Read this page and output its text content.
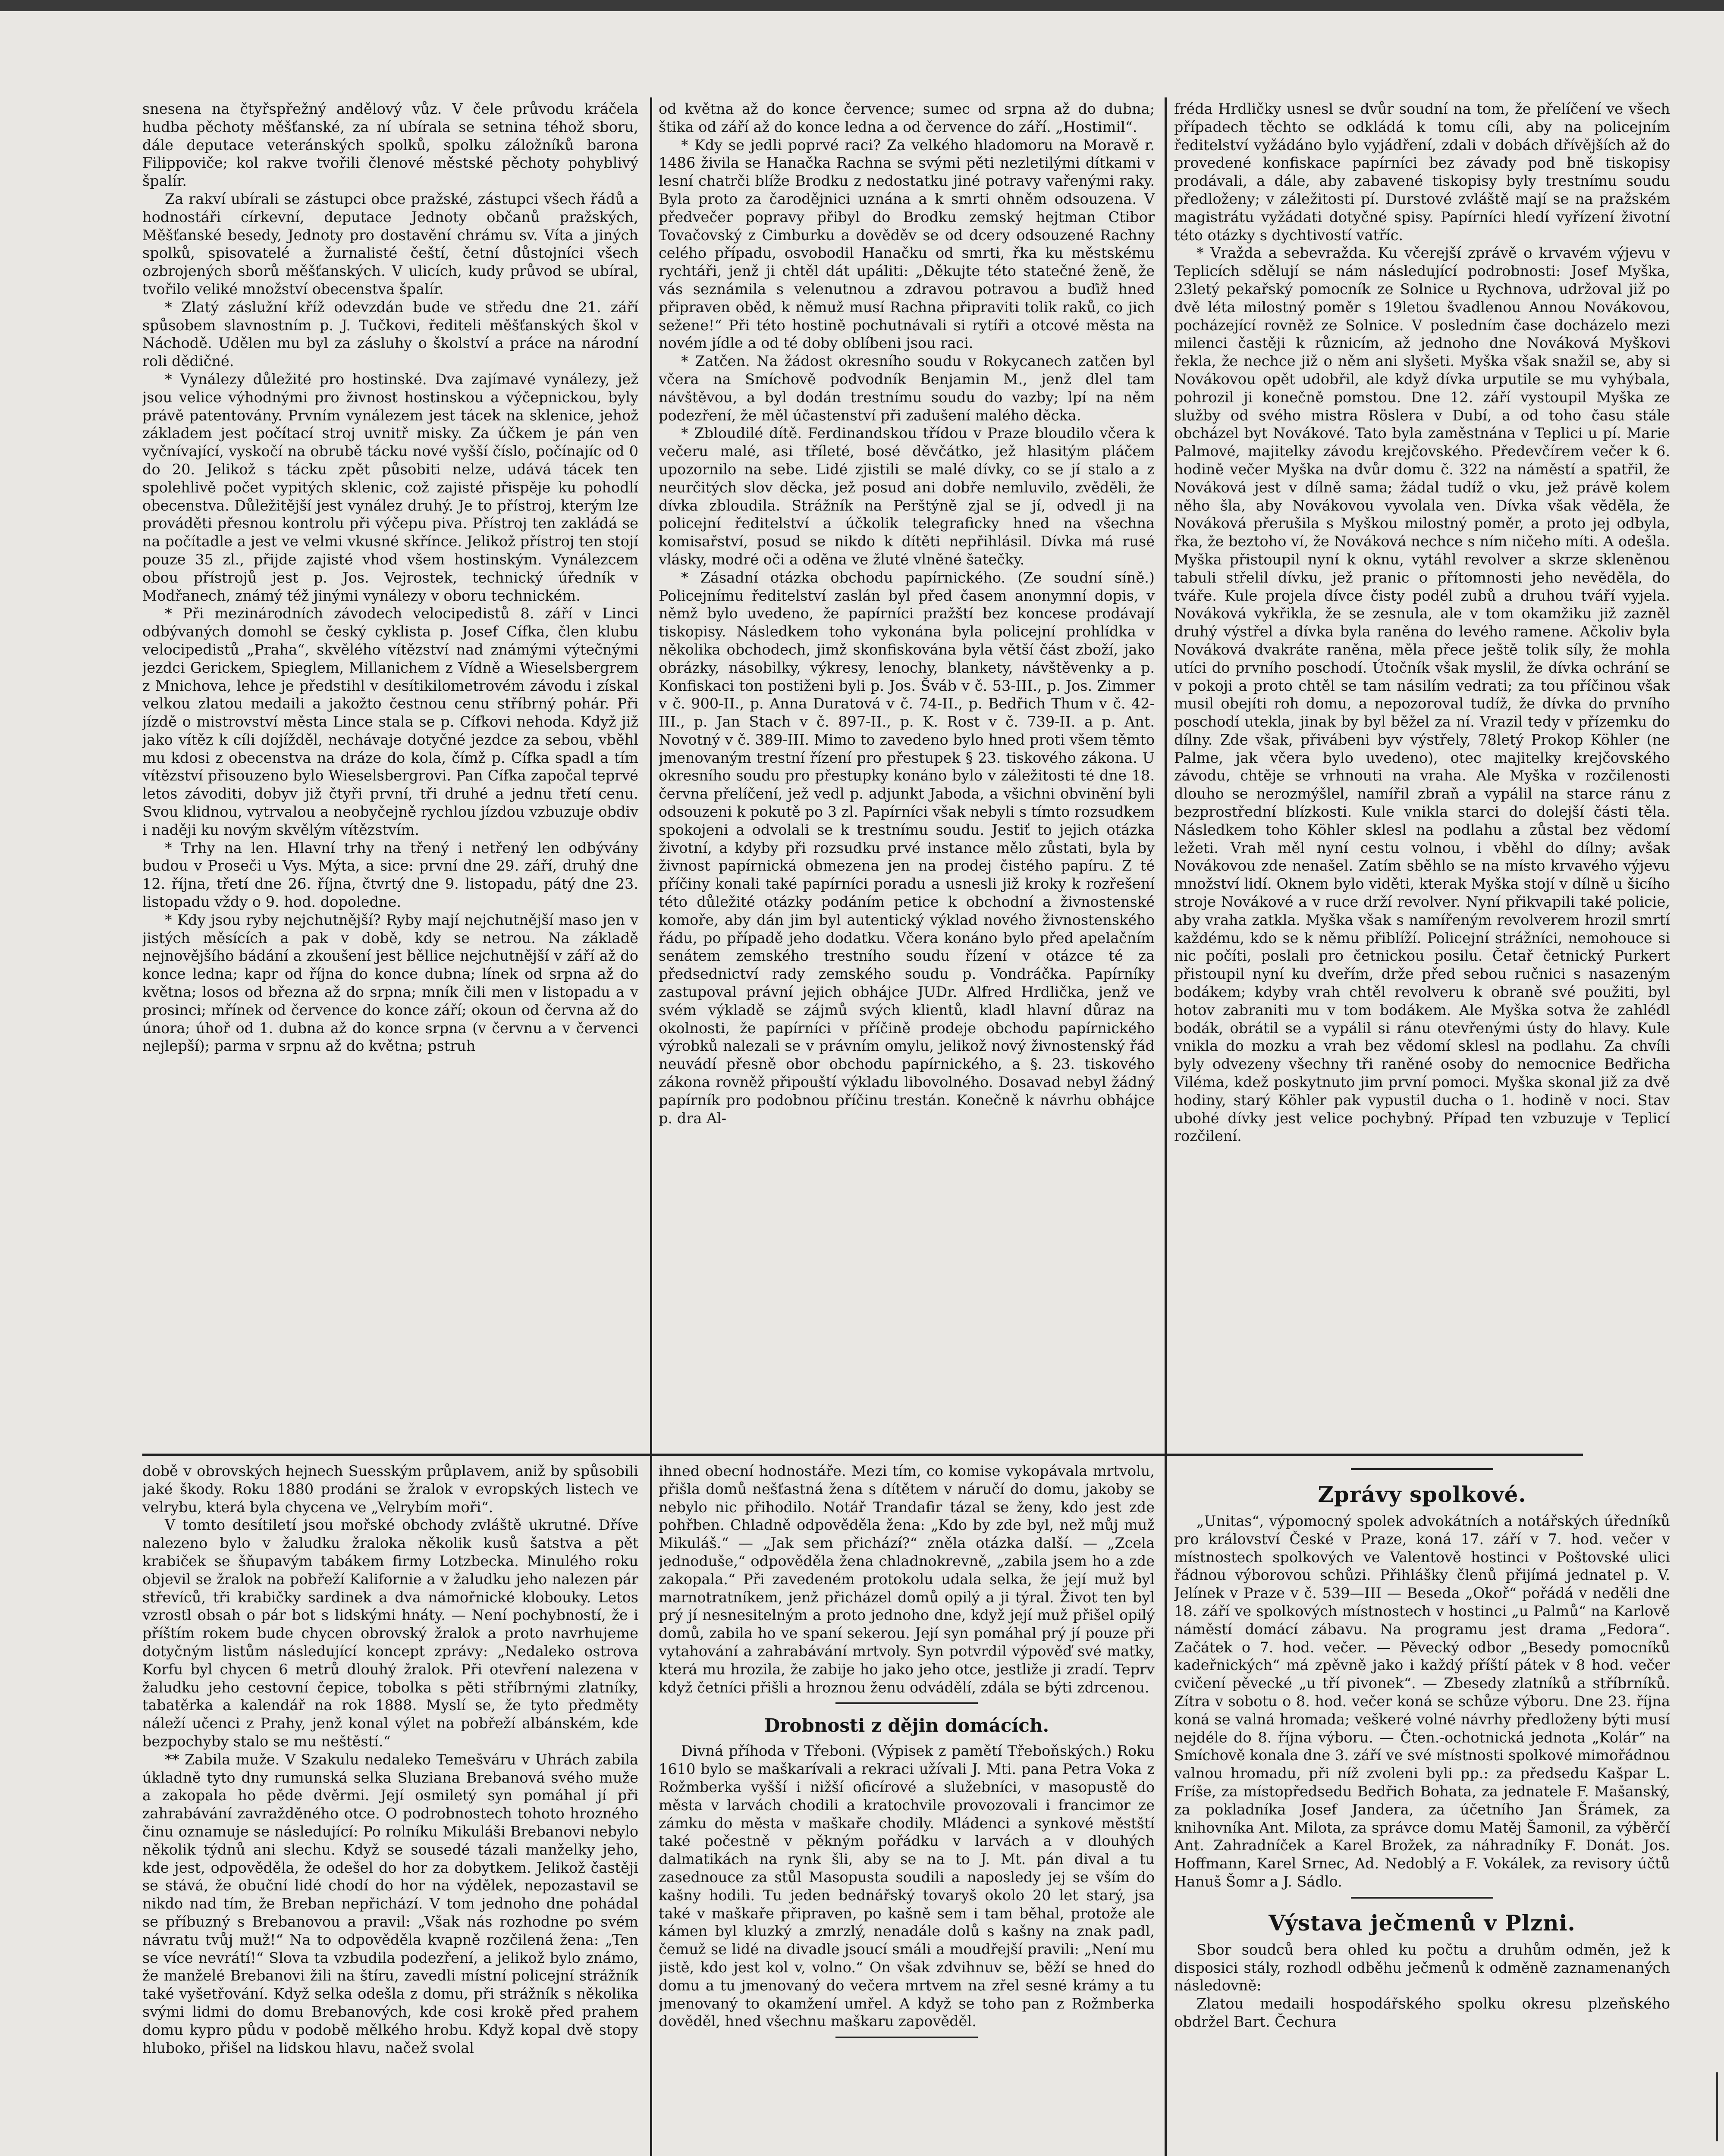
snesena na čtyřspřežný andělový vůz. V čele průvodu kráčela hudba pěchoty měšťanské, za ní ubírala se setnina téhož sboru, dále deputace veteránských spolků, spolku záložníků barona Filippoviče; kol rakve tvořili členové městské pěchoty pohyblivý špalír.

Za rakví ubírali se zástupci obce pražské, zástupci všech řádů a hodnostáři církevní, deputace Jednoty občanů pražských, Měšťanské besedy, Jednoty pro dostavění chrámu sv. Víta a jiných spolků, spisovatelé a žurnalisté čeští, četní důstojníci všech ozbrojených sborů měšťanských. V ulicích, kudy průvod se ubíral, tvořilo veliké množství obecenstva špalír.

* Zlatý záslužní kříž odevzdán bude ve středu dne 21. září spůsobem slavnostním p. J. Tučkovi, řediteli měšťanských škol v Náchodě. Udělen mu byl za zásluhy o školství a práce na národní roli dědičné.

* Vynálezy důležité pro hostinské. Dva zajímavé vynálezy, jež jsou velice výhodnými pro živnost hostinskou a výčepnickou, byly právě patentovány. Prvním vynálezem jest tácek na sklenice, jehož základem jest počítací stroj uvnitř misky. Za účkem je pán ven vyčnívající, vyskočí na obrubě tácku nové vyšší číslo, počínajíc od 0 do 20. Jelikož s tácku zpět působiti nelze, udává tácek ten spolehlivě počet vypitých sklenic, což zajisté přispěje ku pohodlí obecenstva. Důležitější jest vynález druhý. Je to přístroj, kterým lze prováděti přesnou kontrolu při výčepu piva. Přístroj ten zakládá se na počítadle a jest ve velmi vkusné skřínce. Jelikož přístroj ten stojí pouze 35 zl., přijde zajisté vhod všem hostinským. Vynálezcem obou přístrojů jest p. Jos. Vejrostek, technický úředník v Modřanech, známý též jinými vynálezy v oboru technickém.

* Při mezinárodních závodech velocipedistů 8. září v Linci odbývaných domohl se český cyklista p. Josef Cífka, člen klubu velocipedistů „Praha“, skvělého vítězství nad známými výtečnými jezdci Gerickem, Spieglem, Millanichem z Vídně a Wieselsbergrem z Mnichova, lehce je předstihl v desítikilometrovém závodu i získal velkou zlatou medaili a jakožto čestnou cenu stříbrný pohár. Při jízdě o mistrovství města Lince stala se p. Cífkovi nehoda. Když již jako vítěz k cíli dojížděl, nechávaje dotyčné jezdce za sebou, vběhl mu kdosi z obecenstva na dráze do kola, čímž p. Cífka spadl a tím vítězství přisouzeno bylo Wieselsbergrovi. Pan Cífka započal teprvé letos závoditi, dobyv již čtyři první, tři druhé a jednu třetí cenu. Svou klidnou, vytrvalou a neobyčejně rychlou jízdou vzbuzuje obdiv i naději ku novým skvělým vítězstvím.

* Trhy na len. Hlavní trhy na třený i netřený len odbývány budou v Proseči u Vys. Mýta, a sice: první dne 29. září, druhý dne 12. října, třetí dne 26. října, čtvrtý dne 9. listopadu, pátý dne 23. listopadu vždy o 9. hod. dopoledne.

* Kdy jsou ryby nejchutnější? Ryby mají nejchutnější maso jen v jistých měsících a pak v době, kdy se netrou. Na základě nejnovějšího bádání a zkoušení jest běllice nejchutnější v září až do konce ledna; kapr od října do konce dubna; línek od srpna až do května; losos od března až do srpna; mník čili men v listopadu a v prosinci; mřínek od července do konce září; okoun od června až do února; úhoř od 1. dubna až do konce srpna (v červnu a v červenci nejlepší); parma v srpnu až do května; pstruh

od května až do konce července; sumec od srpna až do dubna; štika od září až do konce ledna a od července do září. „Hostimil“.

* Kdy se jedli poprvé raci? Za velkého hladomoru na Moravě r. 1486 živila se Hanačka Rachna se svými pěti nezletilými dítkami v lesní chatrči blíže Brodku z nedostatku jiné potravy vařenými raky. Byla proto za čarodějnici uznána a k smrti ohněm odsouzena. V předvečer popravy přibyl do Brodku zemský hejtman Ctibor Tovačovský z Cimburku a dověděv se od dcery odsouzené Rachny celého případu, osvobodil Hanačku od smrti, řka ku městskému rychtáři, jenž ji chtěl dát upáliti: „Děkujte této statečné ženě, že vás seznámila s velenutnou a zdravou potravou a buďiž hned připraven oběd, k němuž musí Rachna připraviti tolik raků, co jich sežene!“ Při této hostině pochutnávali si rytíři a otcové města na novém jídle a od té doby oblíbeni jsou raci.

* Zatčen. Na žádost okresního soudu v Rokycanech zatčen byl včera na Smíchově podvodník Benjamin M., jenž dlel tam návštěvou, a byl dodán trestnímu soudu do vazby; lpí na něm podezření, že měl účastenství při zadušení malého děcka.

* Zbloudilé dítě. Ferdinandskou třídou v Praze bloudilo včera k večeru malé, asi tříleté, bosé děvčátko, jež hlasitým pláčem upozornilo na sebe. Lidé zjistili se malé dívky, co se jí stalo a z neurčitých slov děcka, jež posud ani dobře nemluvilo, zvěděli, že dívka zbloudila. Strážník na Perštýně zjal se jí, odvedl ji na policejní ředitelství a účkolik telegraficky hned na všechna komisařství, posud se nikdo k dítěti nepřihlásil. Dívka má rusé vlásky, modré oči a oděna ve žluté vlněné šatečky.

* Zásadní otázka obchodu papírnického. (Ze soudní síně.) Policejnímu ředitelství zaslán byl před časem anonymní dopis, v němž bylo uvedeno, že papírníci pražští bez koncese prodávají tiskopisy. Následkem toho vykonána byla policejní prohlídka v několika obchodech, jimž skonfiskována byla větší část zboží, jako obrázky, násobilky, výkresy, lenochy, blankety, návštěvenky a p. Konfiskaci ton postiženi byli p. Jos. Šváb v č. 53-III., p. Jos. Zimmer v č. 900-II., p. Anna Duratová v č. 74-II., p. Bedřich Thum v č. 42-III., p. Jan Stach v č. 897-II., p. K. Rost v č. 739-II. a p. Ant. Novotný v č. 389-III. Mimo to zavedeno bylo hned proti všem těmto jmenovaným trestní řízení pro přestupek § 23. tiskového zákona. U okresního soudu pro přestupky konáno bylo v záležitosti té dne 18. června přelíčení, jež vedl p. adjunkt Jaboda, a všichni obvinění byli odsouzeni k pokutě po 3 zl. Papírníci však nebyli s tímto rozsudkem spokojeni a odvolali se k trestnímu soudu. Jestiť to jejich otázka životní, a kdyby při rozsudku prvé instance mělo zůstati, byla by živnost papírnická obmezena jen na prodej čistého papíru. Z té příčiny konali také papírníci poradu a usnesli již kroky k rozřešení této důležité otázky podáním petice k obchodní a živnostenské komoře, aby dán jim byl autentický výklad nového živnostenského řádu, po případě jeho dodatku. Včera konáno bylo před apelačním senátem zemského trestního soudu řízení v otázce té za předsednictví rady zemského soudu p. Vondráčka. Papírníky zastupoval právní jejich obhájce JUDr. Alfred Hrdlička, jenž ve svém výkladě se zájmů svých klientů, kladl hlavní důraz na okolnosti, že papírníci v příčině prodeje obchodu papírnického výrobků nalezali se v právním omylu, jelikož nový živnostenský řád neuvádí přesně obor obchodu papírnického, a §. 23. tiskového zákona rovněž připouští výkladu libovolného. Dosavad nebyl žádný papírník pro podobnou příčinu trestán. Konečně k návrhu obhájce p. dra Al-

fréda Hrdličky usnesl se dvůr soudní na tom, že přelíčení ve všech případech těchto se odkládá k tomu cíli, aby na policejním ředitelství vyžádáno bylo vyjádření, zdali v dobách dřívějších až do provedené konfiskace papírníci bez závady pod bně tiskopisy prodávali, a dále, aby zabavené tiskopisy byly trestnímu soudu předloženy; v záležitosti pí. Durstové zvláště mají se na pražském magistrátu vyžádati dotyčné spisy. Papírníci hledí vyřízení životní této otázky s dychtivostí vatříc.

* Vražda a sebevražda. Ku včerejší zprávě o krvavém výjevu v Teplicích sdělují se nám následující podrobnosti: Josef Myška, 23letý pekařský pomocník ze Solnice u Rychnova, udržoval již po dvě léta milostný poměr s 19letou švadlenou Annou Novákovou, pocházející rovněž ze Solnice. V posledním čase docházelo mezi milenci častěji k různicím, až jednoho dne Nováková Myškovi řekla, že nechce již o něm ani slyšeti. Myška však snažil se, aby si Novákovou opět udobřil, ale když dívka urputile se mu vyhýbala, pohrozil ji konečně pomstou. Dne 12. září vystoupil Myška ze služby od svého mistra Röslera v Dubí, a od toho času stále obcházel byt Novákové. Tato byla zaměstnána v Teplici u pí. Marie Palmové, majitelky závodu krejčovského. Předevčírem večer k 6. hodině večer Myška na dvůr domu č. 322 na náměstí a spatřil, že Nováková jest v dílně sama; žádal tudíž o vku, jež právě kolem něho šla, aby Novákovou vyvolala ven. Dívka však věděla, že Nováková přerušila s Myškou milostný poměr, a proto jej odbyla, řka, že beztoho ví, že Nováková nechce s ním ničeho míti. A odešla. Myška přistoupil nyní k oknu, vytáhl revolver a skrze skleněnou tabuli střelil dívku, jež pranic o přítomnosti jeho nevěděla, do tváře. Kule projela dívce čisty podél zubů a druhou tváří vyjela. Nováková vykřikla, že se zesnula, ale v tom okamžiku již zazněl druhý výstřel a dívka byla raněna do levého ramene. Ačkoliv byla Nováková dvakráte raněna, měla přece ještě tolik síly, že mohla utíci do prvního poschodí. Útočník však myslil, že dívka ochrání se v pokoji a proto chtěl se tam násilím vedrati; za tou příčinou však musil obejíti roh domu, a nepozoroval tudíž, že dívka do prvního poschodí utekla, jinak by byl běžel za ní. Vrazil tedy v přízemku do dílny. Zde však, přivábeni byv výstřely, 78letý Prokop Köhler (ne Palme, jak včera bylo uvedeno), otec majitelky krejčovského závodu, chtěje se vrhnouti na vraha. Ale Myška v rozčilenosti dlouho se nerozmýšlel, namířil zbraň a vypálil na starce ránu z bezprostřední blízkosti. Kule vnikla starci do dolejší části těla. Následkem toho Köhler sklesl na podlahu a zůstal bez vědomí ležeti. Vrah měl nyní cestu volnou, i vběhl do dílny; avšak Novákovou zde nenašel. Zatím sběhlo se na místo krvavého výjevu množství lidí. Oknem bylo viděti, kterak Myška stojí v dílně u šicího stroje Novákové a v ruce drží revolver. Nyní přikvapili také policie, aby vraha zatkla. Myška však s namířeným revolverem hrozil smrtí každému, kdo se k němu přiblíží. Policejní strážníci, nemohouce si nic počíti, poslali pro četnickou posilu. Četař četnický Purkert přistoupil nyní ku dveřím, drže před sebou ručnici s nasazeným bodákem; kdyby vrah chtěl revolveru k obraně své použiti, byl hotov zabraniti mu v tom bodákem. Ale Myška sotva že zahlédl bodák, obrátil se a vypálil si ránu otevřenými ústy do hlavy. Kule vnikla do mozku a vrah bez vědomí sklesl na podlahu. Za chvíli byly odvezeny všechny tři raněné osoby do nemocnice Bedřicha Viléma, kdež poskytnuto jim první pomoci. Myška skonal již za dvě hodiny, starý Köhler pak vypustil ducha o 1. hodině v noci. Stav ubohé dívky jest velice pochybný. Případ ten vzbuzuje v Teplicí rozčilení.

době v obrovských hejnech Suesským průplavem, aniž by spůsobili jaké škody. Roku 1880 prodáni se žralok v evropských listech ve velrybu, která byla chycena ve „Velrybím moři“.

V tomto desítiletí jsou mořské obchody zvláště ukrutné. Dříve nalezeno bylo v žaludku žraloka několik kusů šatstva a pět krabiček se šňupavým tabákem firmy Lotzbecka. Minulého roku objevil se žralok na pobřeží Kalifornie a v žaludku jeho nalezen pár střevíců, tři krabičky sardinek a dva námořnické klobouky. Letos vzrostl obsah o pár bot s lidskými hnáty. — Není pochybností, že i příštím rokem bude chycen obrovský žralok a proto navrhujeme dotyčným listům následující koncept zprávy: „Nedaleko ostrova Korfu byl chycen 6 metrů dlouhý žralok. Při otevření nalezena v žaludku jeho cestovní čepice, tobolka s pěti stříbrnými zlatníky, tabatěrka a kalendář na rok 1888. Myslí se, že tyto předměty náleží učenci z Prahy, jenž konal výlet na pobřeží albánském, kde bezpochyby stalo se mu neštěstí.“

** Zabila muže. V Szakulu nedaleko Temešváru v Uhrách zabila úkladně tyto dny rumunská selka Sluziana Brebanová svého muže a zakopala ho pěde dvěrmi. Její osmiletý syn pomáhal jí při zahrabávání zavražděného otce. O podrobnostech tohoto hrozného činu oznamuje se následující: Po rolníku Mikuláši Brebanovi nebylo několik týdnů ani slechu. Když se sousedé tázali manželky jeho, kde jest, odpověděla, že odešel do hor za dobytkem. Jelikož častěji se stává, že obuční lidé chodí do hor na výdělek, nepozastavil se nikdo nad tím, že Breban nepřichází. V tom jednoho dne pohádal se příbuzný s Brebanovou a pravil: „Však nás rozhodne po svém návratu tvůj muž!“ Na to odpověděla kvapně rozčilená žena: „Ten se více nevrátí!“ Slova ta vzbudila podezření, a jelikož bylo známo, že manželé Brebanovi žili na štíru, zavedli místní policejní strážník také vyšetřování. Když selka odešla z domu, při strážník s několika svými lidmi do domu Brebanových, kde cosi krokě před prahem domu kypro půdu v podobě mělkého hrobu. Když kopal dvě stopy hluboko, přišel na lidskou hlavu, načež svolal

ihned obecní hodnostáře. Mezi tím, co komise vykopávala mrtvolu, přišla domů nešťastná žena s dítětem v náručí do domu, jakoby se nebylo nic přihodilo. Notář Trandafir tázal se ženy, kdo jest zde pohřben. Chladně odpověděla žena: „Kdo by zde byl, než můj muž Mikuláš.“ — „Jak sem přichází?“ zněla otázka další. — „Zcela jednoduše,“ odpověděla žena chladnokrevně, „zabila jsem ho a zde zakopala.“ Při zavedeném protokolu udala selka, že její muž byl marnotratníkem, jenž přicházel domů opilý a ji týral. Život ten byl prý jí nesnesitelným a proto jednoho dne, když její muž přišel opilý domů, zabila ho ve spaní sekerou. Její syn pomáhal prý jí pouze při vytahování a zahrabávání mrtvoly. Syn potvrdil výpověď své matky, která mu hrozila, že zabije ho jako jeho otce, jestliže ji zradí. Teprv když četníci přišli a hroznou ženu odvádělí, zdála se býti zdrcenou.

Drobnosti z dějin domácích.

Divná příhoda v Třeboni. (Výpisek z pamětí Třeboňských.) Roku 1610 bylo se maškarívali a rekraci užívali J. Mti. pana Petra Voka z Rožmberka vyšší i nižší oficírové a služebníci, v masopustě do města v larvách chodili a kratochvile provozovali i francimor ze zámku do města v maškaře chodily. Mládenci a synkové městští také počestně v pěkným pořádku v larvách a v dlouhých dalmatikách na rynk šli, aby se na to J. Mt. pán dival a tu zasednouce za stůl Masopusta soudili a naposledy jej se vším do kašny hodili. Tu jeden bednářský tovaryš okolo 20 let starý, jsa také v maškaře připraven, po kašně sem i tam běhal, protože ale kámen byl kluzký a zmrzlý, nenadále dolů s kašny na znak padl, čemuž se lidé na divadle jsoucí smáli a moudřejší pravili: „Není mu jistě, kdo jest kol v, volno.“ On však zdvihnuv se, běží se hned do domu a tu jmenovaný do večera mrtvem na zřel sesné krámy a tu jmenovaný to okamžení umřel. A když se toho pan z Rožmberka dověděl, hned všechnu maškaru zapověděl.

Zprávy spolkové.

„Unitas“, výpomocný spolek advokátních a notářských úředníků pro království České v Praze, koná 17. září v 7. hod. večer v místnostech spolkových ve Valentově hostinci v Poštovské ulici řádnou výborovou schůzi. Přihlášky členů přijímá jednatel p. V. Jelínek v Praze v č. 539—III — Beseda „Okoř“ pořádá v neděli dne 18. září ve spolkových místnostech v hostinci „u Palmů“ na Karlově náměstí domácí zábavu. Na programu jest drama „Fedora“. Začátek o 7. hod. večer. — Pěvecký odbor „Besedy pomocníků kadeřnických“ má zpěvně jako i každý příští pátek v 8 hod. večer cvičení pěvecké „u tří pivonek“. — Zbesedy zlatníků a stříbrníků. Zítra v sobotu o 8. hod. večer koná se schůze výboru. Dne 23. října koná se valná hromada; veškeré volné návrhy předloženy býti musí nejdéle do 8. října výboru. — Čten.-ochotnická jednota „Kolár“ na Smíchově konala dne 3. září ve své místnosti spolkové mimořádnou valnou hromadu, při níž zvoleni byli pp.: za předsedu Kašpar L. Fríše, za místopředsedu Bedřich Bohata, za jednatele F. Mašanský, za pokladníka Josef Jandera, za účetního Jan Šrámek, za knihovníka Ant. Milota, za správce domu Matěj Šamonil, za výběrčí Ant. Zahradníček a Karel Brožek, za náhradníky F. Donát. Jos. Hoffmann, Karel Srnec, Ad. Nedoblý a F. Vokálek, za revisory účtů Hanuš Šomr a J. Sádlo.

Výstava ječmenů v Plzni.

Sbor soudců bera ohled ku počtu a druhům odměn, jež k disposici stály, rozhodl odběhu ječmenů k odměně zaznamenaných následovně:

Zlatou medaili hospodářského spolku okresu plzeňského obdržel Bart. Čechura
